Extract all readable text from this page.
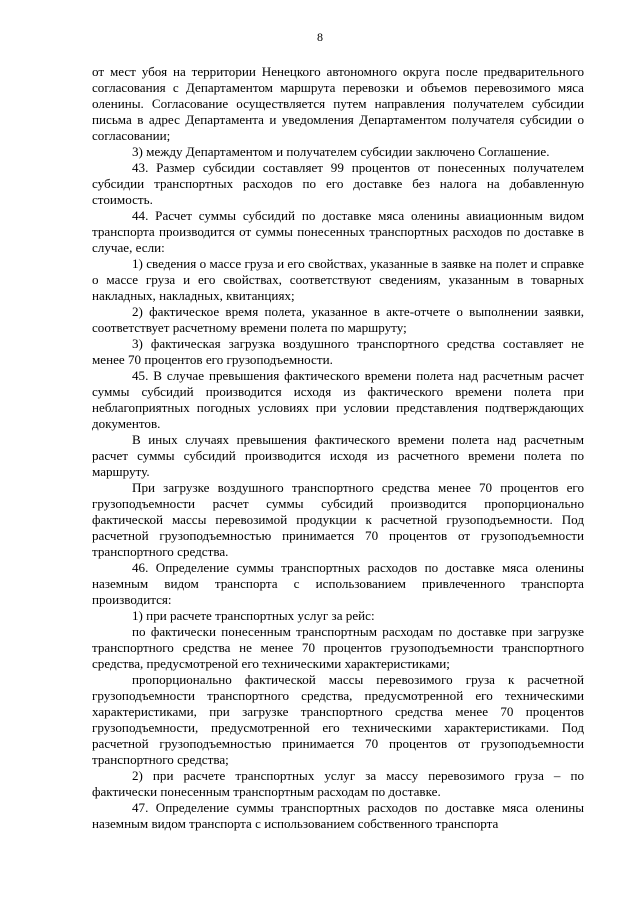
8

от мест убоя на территории Ненецкого автономного округа после предварительного согласования с Департаментом маршрута перевозки и объемов перевозимого мяса оленины. Согласование осуществляется путем направления получателем субсидии письма в адрес Департамента и уведомления Департаментом получателя субсидии о согласовании;

3) между Департаментом и получателем субсидии заключено Соглашение.

43. Размер субсидии составляет 99 процентов от понесенных получателем субсидии транспортных расходов по его доставке без налога на добавленную стоимость.

44. Расчет суммы субсидий по доставке мяса оленины авиационным видом транспорта производится от суммы понесенных транспортных расходов по доставке в случае, если:

1) сведения о массе груза и его свойствах, указанные в заявке на полет и справке о массе груза и его свойствах, соответствуют сведениям, указанным в товарных накладных, накладных, квитанциях;

2) фактическое время полета, указанное в акте-отчете о выполнении заявки, соответствует расчетному времени полета по маршруту;

3) фактическая загрузка воздушного транспортного средства составляет не менее 70 процентов его грузоподъемности.

45. В случае превышения фактического времени полета над расчетным расчет суммы субсидий производится исходя из фактического времени полета при неблагоприятных погодных условиях при условии представления подтверждающих документов.

В иных случаях превышения фактического времени полета над расчетным расчет суммы субсидий производится исходя из расчетного времени полета по маршруту.

При загрузке воздушного транспортного средства менее 70 процентов его грузоподъемности расчет суммы субсидий производится пропорционально фактической массы перевозимой продукции к расчетной грузоподъемности. Под расчетной грузоподъемностью принимается 70 процентов от грузоподъемности транспортного средства.

46. Определение суммы транспортных расходов по доставке мяса оленины наземным видом транспорта с использованием привлеченного транспорта производится:

1) при расчете транспортных услуг за рейс:

по фактически понесенным транспортным расходам по доставке при загрузке транспортного средства не менее 70 процентов грузоподъемности транспортного средства, предусмотреной его техническими характеристиками;

пропорционально фактической массы перевозимого груза к расчетной грузоподъемности транспортного средства, предусмотренной его техническими характеристиками, при загрузке транспортного средства менее 70 процентов грузоподъемности, предусмотренной его техническими характеристиками. Под расчетной грузоподъемностью принимается 70 процентов от грузоподъемности транспортного средства;

2) при расчете транспортных услуг за массу перевозимого груза – по фактически понесенным транспортным расходам по доставке.

47. Определение суммы транспортных расходов по доставке мяса оленины наземным видом транспорта с использованием собственного транспорта
